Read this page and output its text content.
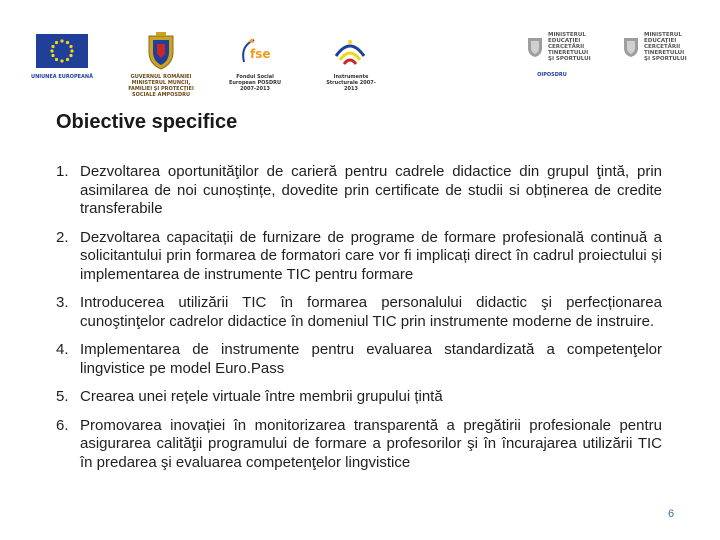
UNIUNEA EUROPEANĂ	GUVERNUL ROMÂNIEI MINISTERUL MUNCII, FAMILIEI ŞI PROTECŢIEI SOCIALE AMPOSDRU
fse
Fondul Social European POSDRU 2007-2013
Instrumente Structurale 2007-2013
MINISTERUL EDUCAŢIEI CERCETĂRII TINERETULUI ŞI SPORTULUI
OIPOSDRU
MINISTERUL EDUCAŢIEI CERCETĂRII TINERETULUI ŞI SPORTULUI
Obiective specifice
1. Dezvoltarea oportunităţilor de carieră pentru cadrele didactice din grupul ţintă, prin asimilarea de noi cunoștințe, dovedite prin certificate de studii si obținerea de credite transferabile
2. Dezvoltarea capacitații de furnizare de programe de formare profesională continuă a solicitantului prin formarea de formatori care vor fi implicați direct în cadrul proiectului și implementarea de instrumente TIC pentru formare
3. Introducerea utilizării TIC în formarea personalului didactic şi perfecționarea cunoştinţelor cadrelor didactice în domeniul TIC prin instrumente moderne de instruire.
4. Implementarea de instrumente pentru evaluarea standardizată a competenţelor lingvistice pe model Euro.Pass
5. Crearea unei rețele virtuale între membrii grupului țintă
6. Promovarea inovației în monitorizarea transparentă a pregătirii profesionale pentru asigurarea calităţii programului de formare a profesorilor şi în încurajarea utilizării TIC în predarea şi evaluarea competenţelor lingvistice
6
